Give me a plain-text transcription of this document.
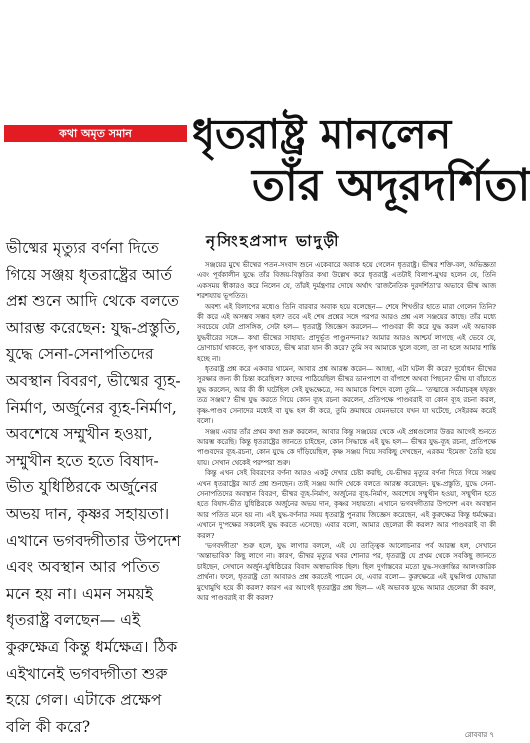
কথা অমৃত সমান	ধৃতরাষ্ট্র মানলেন
তাঁর অদূরদর্শিতা
নৃসিংহপ্রসাদ ভাদুড়ী

ভীষ্মের মৃত্যুর বর্ণনা দিতে গিয়ে সঞ্জয় ধৃতরাষ্ট্রের আর্ত প্রশ্ন শুনে আদি থেকে বলতে আরম্ভ করেছেন: যুদ্ধ-প্রস্তুতি, যুদ্ধে সেনা-সেনাপতিদের অবস্থান বিবরণ, ভীষ্মের ব্যূহ-নির্মাণ, অর্জুনের ব্যূহ-নির্মাণ, অবশেষে সম্মুখীন হওয়া, সম্মুখীন হতে হতে বিষাদ-ভীত যুধিষ্ঠিরকে অর্জুনের অভয় দান, কৃষ্ণর সহায়তা। এখানে ভগবদ্গীতার উপদেশ এবং অবস্থান আর পতিত মনে হয় না। এমন সময়ই ধৃতরাষ্ট্র বলছেন— এই কুরুক্ষেত্র কিন্তু ধর্মক্ষেত্র। ঠিক এইখানেই ভগবদ্গীতা শুরু হয়ে গেল। এটাকে প্রক্ষেপ বলি কী করে?

সঞ্জয়ের মুখে ভীষ্মের পতন-সংবাদ শুনে একেবারে অবাক হয়ে গেলেন ধৃতরাষ্ট্র। ভীষ্মর শক্তি-বল, অভিজ্ঞতা এবং পূর্বকালীন যুদ্ধে তাঁর বিজয়-বিস্তৃতির কথা উল্লেখ করে ধৃতরাষ্ট্র এতটাই বিলাপ-মুখর হলেন যে, তিনি একসময় স্বীকারও করে নিলেন যে, তাঁরই দুর্মন্ত্রণার দোষে অর্থাৎ 'রাজনৈতিক দুরদর্শিতা'র অভাবে ভীষ্ম আজ শরশয্যায় ভূপতিত।

অবশ্য এই বিলাপের মধ্যেও তিনি বারবার অবাক হয়ে বলেছেন— শেষে শিখণ্ডীর হাতে মারা গেলেন তিনি? কী করে এই অসম্ভব সম্ভব হল? তবে এই শেষ প্রশ্নের সঙ্গে পরপর আরও প্রশ্ন এল সঞ্জয়ের কাছে। তাঁর মধ্যে সবচেয়ে যেটা প্রাসঙ্গিক, সেটা হল— ধৃতরাষ্ট্র জিজ্ঞেস করলেন— পাণ্ডবরা কী করে যুদ্ধ করল এই অভাবক যুদ্ধবীরের সঙ্গে— কথা ভীষ্মের সাহায্য: প্রাদুর্ভূত পাণ্ডুনন্দনাঃ? আমার আরও আশ্চর্য লাগছে এই ভেবে যে, দ্রোণাচার্য থাকতে, কৃপ থাকতে, ভীষ্ম মারা যান কী করে? তুমি সব আমাকে খুলে বলো, তা না হলে আমার শান্তি হচ্ছে না।

ধৃতরাষ্ট্র প্রশ্ন করে একবার থামেন, আবার প্রশ্ন আরম্ভ করেন— আচ্ছা, এটা ঘটল কী করে? দুর্যোধন ভীষ্মের সুরক্ষার জন্য কী চিন্তা করেছিল? কাদের পাঠিয়েছিল ভীষ্মর ডানপাশে বা বাঁপাশে অথবা পিছনে? ভীষ্ম যা বাঁচাতে যুদ্ধ করলেন, আর কী কী ঘটেছিল সেই যুদ্ধক্ষেত্রে, সব আমাকে বিশদে বলো তুমি— 'তত্মাত্তে সর্বমাচক্ষ্ব যদ্বৃত্তং তত্র সঞ্জয়'? ভীষ্ম যুদ্ধ করতে গিয়ে কোন ব্যূহ রচনা করলেন, প্রতিপক্ষে পাণ্ডবরাই বা কোন ব্যূহ রচনা করল, কৃষ্ণ-পাণ্ডব সেনাদের মধ্যেই বা যুদ্ধ হল কী করে, তুমি ক্রমান্বয়ে যেমনভাবে যখন যা ঘটেছে, সেইরকম করেই বলো।

সঞ্জয় এবার তাঁর প্রথম কথা শুরু করলেন, আবার কিন্তু সঞ্জয়ের থেকে এই প্রশ্নগুলোর উত্তর আগেই শুনতে আরম্ভ করেছি। কিন্তু ধৃতরাষ্ট্রের জানতে চাইছেন, কোন সিদ্ধান্তে এই যুদ্ধ হল— ভীষ্মর যুদ্ধ-ব্যূহ রচনা, প্রতিপক্ষে পাণ্ডবদের ব্যূহ-রচনা, কোন যুদ্ধে কে দাঁড়িয়েছিল, কৃষ্ণ সঞ্জয় দিয়ে সবকিছু দেখছেন, এরকম 'ইমেজ' তৈরি হয়ে যায়। সেখান থেকেই পরম্পরা শুরু।

কিন্তু এখন সেই বিবরণের বর্ণনা আরও একটু দেখার চেষ্টা করছি, যে-ভীষ্মর মৃত্যুর বর্ণনা দিতে গিয়ে সঞ্জয় এখন ধৃতরাষ্ট্রের আর্ত প্রশ্ন শুনছেন। তাই সঞ্জয় আদি থেকে বলতে আরম্ভ করেছেন: যুদ্ধ-প্রস্তুতি, যুদ্ধে সেনা-সেনাপতিদের অবস্থান বিবরণ, ভীষ্মর ব্যূহ-নির্মাণ, অর্জুনের ব্যূহ-নির্মাণ, অবশেষে সম্মুখীন হওয়া, সম্মুখীন হতে হতে বিষাদ-ভীত যুধিষ্ঠিরকে অর্জুনের অভয় দান, কৃষ্ণর সহায়তা। এখানে ভগবদ্গীতার উপদেশ এবং অবস্থান আর পতিত মনে হয় না। এই যুদ্ধ-বর্ণনার সময় ধৃতরাষ্ট্র পুনরায় জিজ্ঞেস করেছেন, এই কুরুক্ষেত্র কিন্তু ধর্মক্ষেত্র। এখানে দু'পক্ষের সকলেই যুদ্ধ করতে এসেছে। এবার বলো, আমার ছেলেরা কী করল? আর পাণ্ডবরাই বা কী করল?

'ভগবদ্গীতা' শুরু হলে, যুদ্ধ লাগার বললে, এই যে তাত্ত্বিক আলোচনার পর্ব আরম্ভ হল, সেখানে 'অন্তাভাবিক' কিছু লাগে না। কারণ, ভীষ্মর মৃত্যুর খবর শোনার পর, ধৃতরাষ্ট্র যে প্রথম থেকে সবকিছু জানতে চাইছেন, সেখানে অর্জুন-যুধিষ্ঠিরের বিবাদ অস্বাভাবিক ছিল। ছিল দুর্গাস্তবের মতো যুদ্ধ-সংক্রান্তির আলংকারিক প্রার্থনা। ফলে, ধৃতরাষ্ট্র তো আবারও প্রশ্ন করতেই পারেন যে, এবার বলো— কুরুক্ষেত্রে এই যুদ্ধলিপ্ত যোদ্ধারা মুখোমুখি হয়ে কী করল? কারণ এর আগেই ধৃতরাষ্ট্রর প্রশ্ন ছিল— এই অভাবক যুদ্ধে আমার ছেলেরা কী করল, আর পাণ্ডবরাই বা কী করল?

রোববার ৭
